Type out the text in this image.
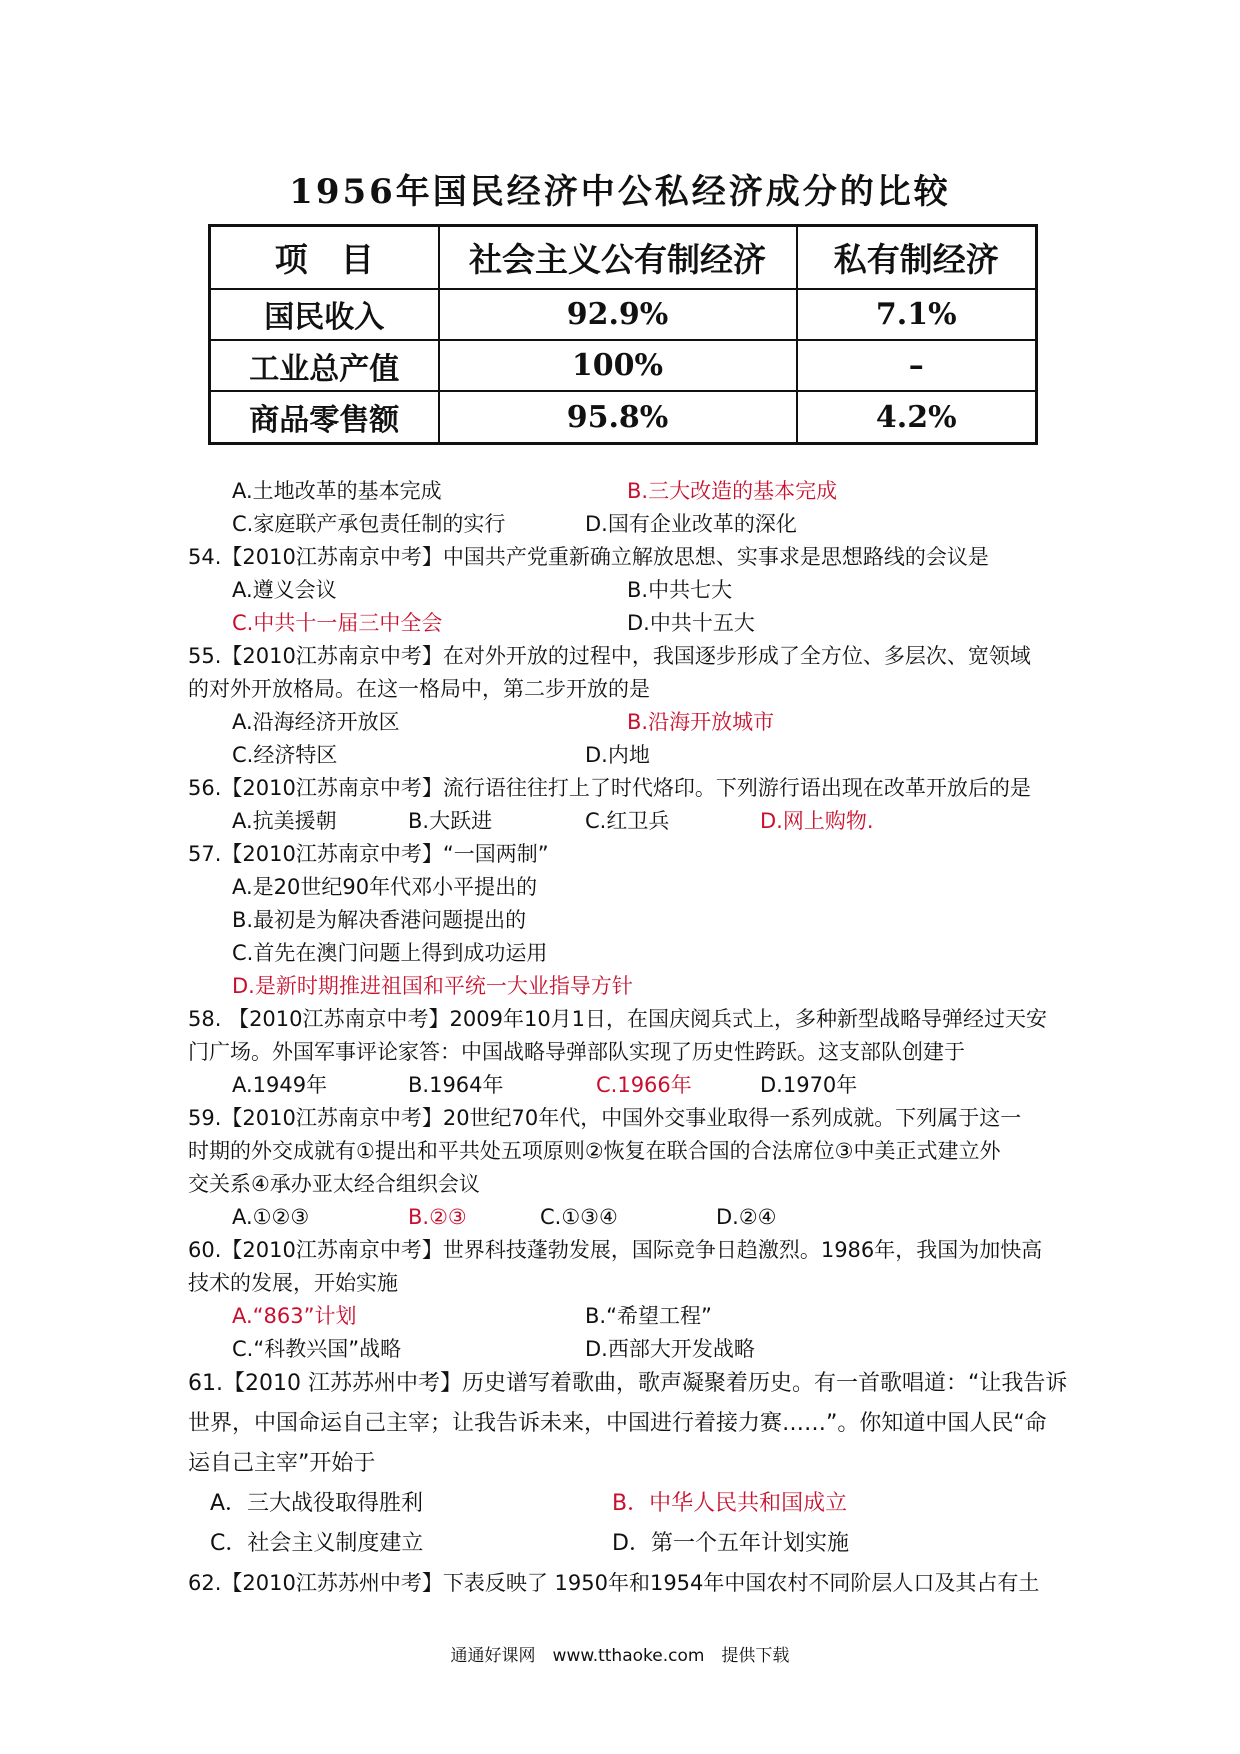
1956年国民经济中公私经济成分的比较
项　目	社会主义公有制经济	私有制经济
国民收入	92.9%	7.1%
工业总产值	100%	–
商品零售额	95.8%	4.2%
A.土地改革的基本完成	B.三大改造的基本完成
C.家庭联产承包责任制的实行	D.国有企业改革的深化
54.【2010江苏南京中考】中国共产党重新确立解放思想、实事求是思想路线的会议是
A.遵义会议	B.中共七大
C.中共十一届三中全会	D.中共十五大
55.【2010江苏南京中考】在对外开放的过程中，我国逐步形成了全方位、多层次、宽领域
的对外开放格局。在这一格局中，第二步开放的是
A.沿海经济开放区	B.沿海开放城市
C.经济特区	D.内地
56.【2010江苏南京中考】流行语往往打上了时代烙印。下列游行语出现在改革开放后的是
A.抗美援朝	B.大跃进	C.红卫兵	D.网上购物.
57.【2010江苏南京中考】“一国两制”
A.是20世纪90年代邓小平提出的
B.最初是为解决香港问题提出的
C.首先在澳门问题上得到成功运用
D.是新时期推进祖国和平统一大业指导方针
58. 【2010江苏南京中考】2009年10月1日，在国庆阅兵式上，多种新型战略导弹经过天安
门广场。外国军事评论家答：中国战略导弹部队实现了历史性跨跃。这支部队创建于
A.1949年	B.1964年	C.1966年	D.1970年
59.【2010江苏南京中考】20世纪70年代，中国外交事业取得一系列成就。下列属于这一
时期的外交成就有①提出和平共处五项原则②恢复在联合国的合法席位③中美正式建立外
交关系④承办亚太经合组织会议
A.①②③	B.②③	C.①③④	D.②④
60.【2010江苏南京中考】世界科技蓬勃发展，国际竞争日趋激烈。1986年，我国为加快高
技术的发展，开始实施
A.“863”计划	B.“希望工程”
C.“科教兴国”战略	D.西部大开发战略
61.【2010 江苏苏州中考】历史谱写着歌曲，歌声凝聚着历史。有一首歌唱道：“让我告诉
世界，中国命运自己主宰；让我告诉未来，中国进行着接力赛……”。你知道中国人民“命
运自己主宰”开始于
A．三大战役取得胜利	B．中华人民共和国成立
C．社会主义制度建立	D．第一个五年计划实施
62.【2010江苏苏州中考】下表反映了 1950年和1954年中国农村不同阶层人口及其占有土
通通好课网　www.tthaoke.com　提供下载
